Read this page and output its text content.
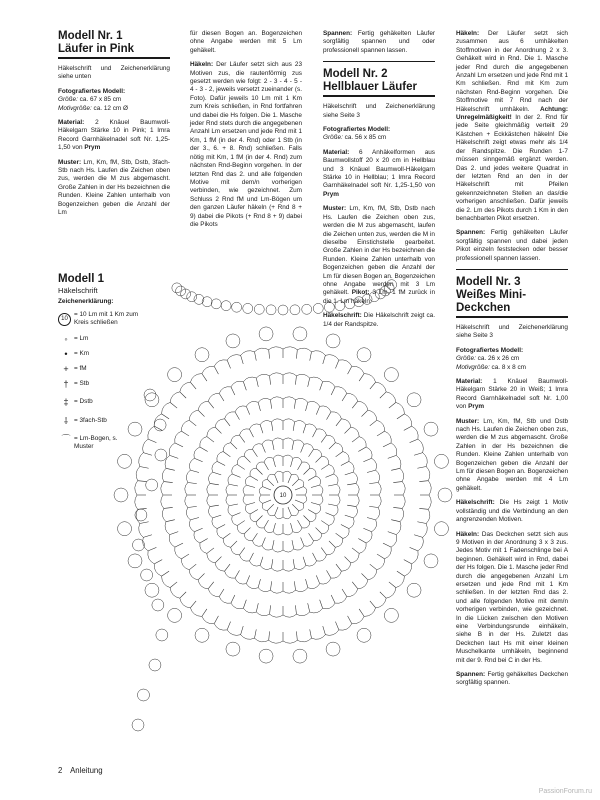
Modell Nr. 1
Läufer in Pink

Häkelschrift und Zeichenerklärung siehe unten

Fotografiertes Modell:
Größe: ca. 67 x 85 cm
Motivgröße: ca. 12 cm Ø

Material: 2 Knäuel Baumwoll-Häkelgarn Stärke 10 in Pink; 1 Imra Record Garnhäkelnadel soft Nr. 1,25-1,50 von Prym

Muster: Lm, Km, fM, Stb, Dstb, 3fach-Stb nach Hs. Laufen die Zeichen oben zus, werden die M zus abgemascht. Große Zahlen in der Hs bezeichnen die Runden. Kleine Zahlen unterhalb von Bogenzeichen geben die Anzahl der Lm

für diesen Bogen an. Bogenzeichen ohne Angabe werden mit 5 Lm gehäkelt.

Häkeln: Der Läufer setzt sich aus 23 Motiven zus, die rautenförmig zus gesetzt werden wie folgt: 2 - 3 - 4 - 5 - 4 - 3 - 2, jeweils versetzt zueinander (s. Foto). Dafür jeweils 10 Lm mit 1 Km zum Kreis schließen, in Rnd fortfahren und dabei die Hs folgen. Die 1. Masche jeder Rnd stets durch die angegebenen Anzahl Lm ersetzen und jede Rnd mit 1 Km, 1 fM (in der 4. Rnd) oder 1 Stb (in der 3., 6. + 8. Rnd) schließen. Falls nötig mit Km, 1 fM (in der 4. Rnd) zum nächsten Rnd-Beginn vorgehen. In der letzten Rnd das 2. und alle folgenden Motive mit dem/n vorherigen verbinden, wie gezeichnet. Zum Schluss 2 Rnd fM und Lm-Bögen um den ganzen Läufer häkeln (+ Rnd 8 + 9) dabei die Pikots (+ Rnd 8 + 9) dabei die Pikots

Spannen: Fertig gehäkelten Läufer sorgfältig spannen und oder professionell spannen lassen.

Modell Nr. 2
Hellblauer Läufer

Häkelschrift und Zeichenerklärung siehe Seite 3

Fotografiertes Modell:
Größe: ca. 56 x 85 cm

Material: 6 Anhäkelformen aus Baumwollstoff 20 x 20 cm in Hellblau und 3 Knäuel Baumwoll-Häkelgarn Stärke 10 in Hellblau; 1 Imra Record Garnhäkelnadel soft Nr. 1,25-1,50 von Prym

Muster: Lm, Km, fM, Stb, Dstb nach Hs. Laufen die Zeichen oben zus, werden die M zus abgemascht, laufen die Zeichen unten zus, werden die M in dieselbe Einstichstelle gearbeitet. Große Zahlen in der Hs bezeichnen die Runden. Kleine Zahlen unterhalb von Bogenzeichen geben die Anzahl der Lm für diesen Bogen an. Bogenzeichen ohne Angabe werden mit 3 Lm gehäkelt. Pikot: 3 Lm, 1 fM zurück in die 1. Lm häkeln.

Häkelschrift: Die Häkelschrift zeigt ca. 1/4 der Randspitze.

Häkeln: Der Läufer setzt sich zusammen aus 6 umhäkelten Stoffmotiven in der Anordnung 2 x 3. Gehäkelt wird in Rnd. Die 1. Masche jeder Rnd durch die angegebenen Anzahl Lm ersetzen und jede Rnd mit 1 Km schließen. Rnd mit Km zum nächsten Rnd-Beginn vorgehen. Die Stoffmotive mit 7 Rnd nach der Häkelschrift umhäkeln. Achtung: Unregelmäßigkeit! In der 2. Rnd für jede Seite gleichmäßig verteilt 29 Kästchen + Eckkästchen häkeln! Die Häkelschrift zeigt etwas mehr als 1/4 der Randspitze. Die Runden 1-7 müssen sinngemäß ergänzt werden. Das 2. und jedes weitere Quadrat in der letzten Rnd an den in der Häkelschrift mit Pfeilen gekennzeichneten Stellen an das/die vorherigen anschließen. Dafür jeweils die 2. Lm des Pikots durch 1 Km in den benachbarten Pikot ersetzen.

Spannen: Fertig gehäkelten Läufer sorgfältig spannen und dabei jeden Pikot einzeln feststecken oder besser professionell spannen lassen.

Modell Nr. 3
Weißes Mini-Deckchen

Häkelschrift und Zeichenerklärung siehe Seite 3

Fotografiertes Modell:
Größe: ca. 26 x 26 cm
Motivgröße: ca. 8 x 8 cm

Material: 1 Knäuel Baumwoll-Häkelgarn Stärke 20 in Weiß; 1 Imra Record Garnhäkelnadel soft Nr. 1,00 von Prym

Muster: Lm, Km, fM, Stb und Dstb nach Hs. Laufen die Zeichen oben zus, werden die M zus abgemascht. Große Zahlen in der Hs bezeichnen die Runden. Kleine Zahlen unterhalb von Bogenzeichen geben die Anzahl der Lm für diesen Bogen an. Bogenzeichen ohne Angabe werden mit 4 Lm gehäkelt.

Häkelschrift: Die Hs zeigt 1 Motiv vollständig und die Verbindung an den angrenzenden Motiven.

Häkeln: Das Deckchen setzt sich aus 9 Motiven in der Anordnung 3 x 3 zus. Jedes Motiv mit 1 Fadenschlinge bei A beginnen. Gehäkelt wird in Rnd, dabei der Hs folgen. Die 1. Masche jeder Rnd durch die angegebenen Anzahl Lm ersetzen und jede Rnd mit 1 Km schließen. In der letzten Rnd das 2. und alle folgenden Motive mit dem/n vorherigen verbinden, wie gezeichnet. In die Lücken zwischen den Motiven eine Verbindungsrunde einhäkeln, siehe B in der Hs. Zuletzt das Deckchen laut Hs mit einer kleinen Muschelkante umhäkeln, beginnend mit der 9. Rnd bei C in der Hs.

Spannen: Fertig gehäkeltes Deckchen sorgfältig spannen.

Modell 1
Häkelschrift
Zeichenerklärung:
10
= 10 Lm mit 1 Km zum Kreis schließen
◦	= Lm
•	= Km
+ = fM
† = Stb
‡ = Dstb
⸸ = 3fach-Stb
⌒ = Lm-Bogen, s. Muster
10
2 Anleitung
PassionForum.ru
